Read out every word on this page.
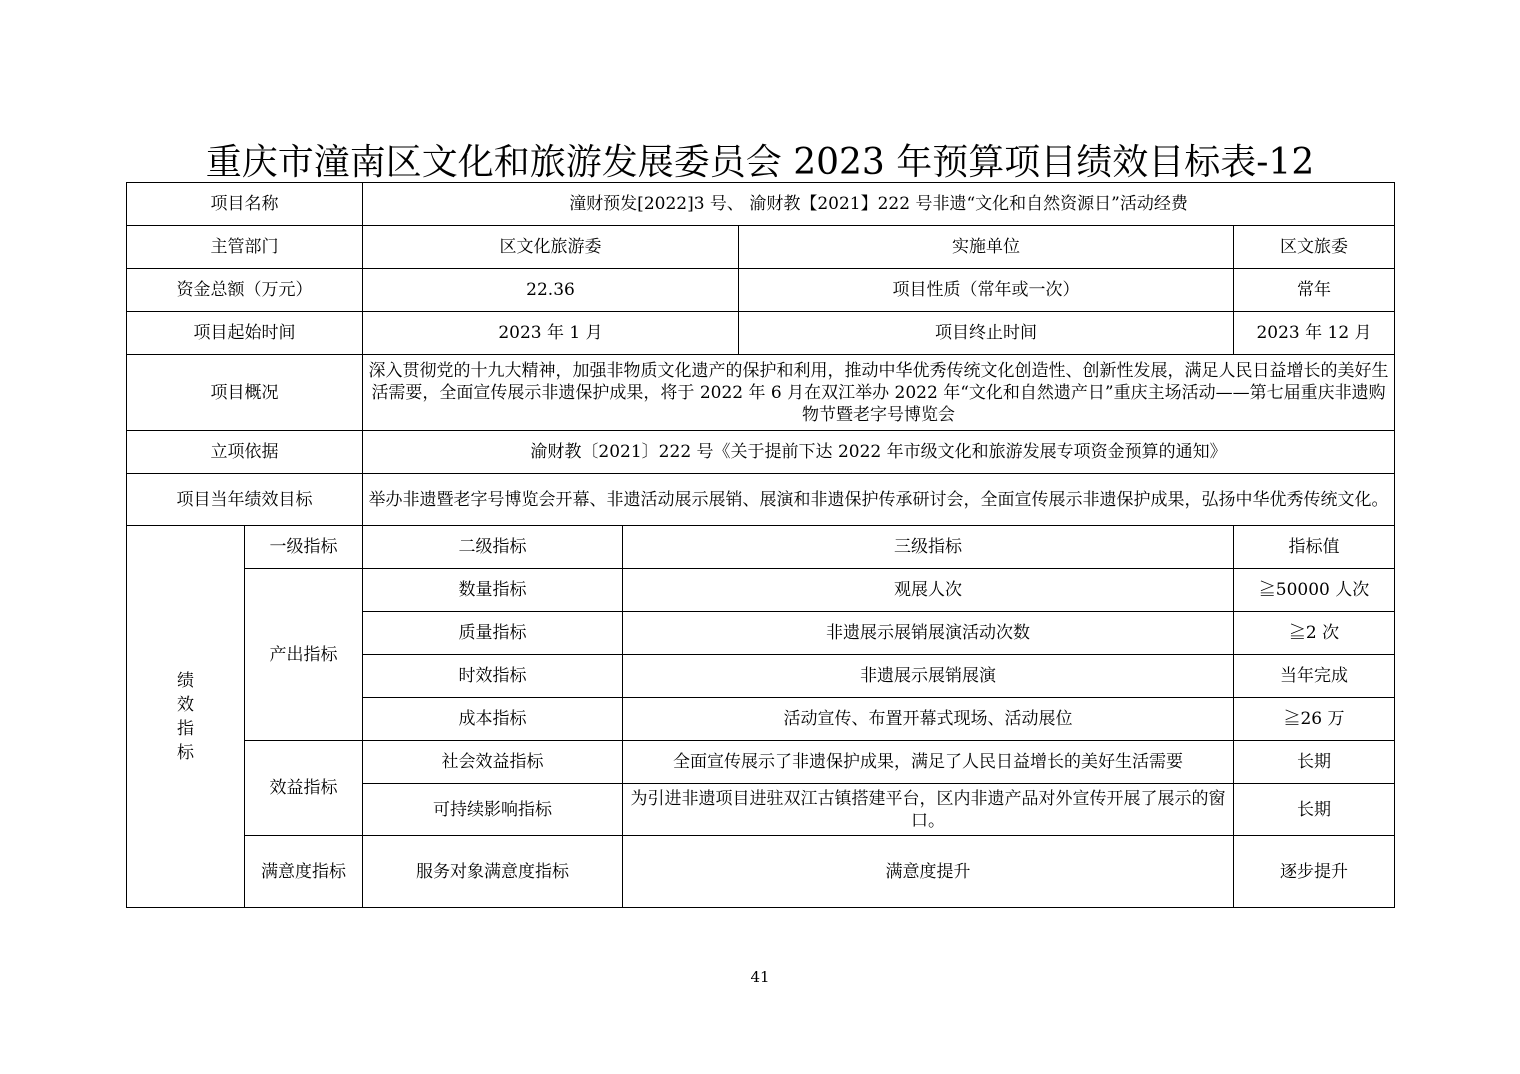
重庆市潼南区文化和旅游发展委员会 2023 年预算项目绩效目标表-12
项目名称		潼财预发[2022]3 号、 渝财教【2021】222 号非遗“文化和自然资源日”活动经费			
主管部门		区文化旅游委		实施单位	区文旅委
资金总额（万元）		22.36		项目性质（常年或一次）	常年
项目起始时间		2023 年 1 月		项目终止时间	2023 年 12 月
项目概况		深入贯彻党的十九大精神，加强非物质文化遗产的保护和利用，推动中华优秀传统文化创造性、创新性发展，满足人民日益增长的美好生活需要，全面宣传展示非遗保护成果，将于 2022 年 6 月在双江举办 2022 年“文化和自然遗产日”重庆主场活动——第七届重庆非遗购物节暨老字号博览会			
立项依据		渝财教〔2021〕222 号《关于提前下达 2022 年市级文化和旅游发展专项资金预算的通知》			
项目当年绩效目标		举办非遗暨老字号博览会开幕、非遗活动展示展销、展演和非遗保护传承研讨会，全面宣传展示非遗保护成果，弘扬中华优秀传统文化。			
绩效指标	一级指标	二级指标	三级指标		指标值
	产出指标	数量指标	观展人次		≧50000 人次
		质量指标	非遗展示展销展演活动次数		≧2 次
		时效指标	非遗展示展销展演		当年完成
		成本指标	活动宣传、布置开幕式现场、活动展位		≧26 万
	效益指标	社会效益指标	全面宣传展示了非遗保护成果，满足了人民日益增长的美好生活需要		长期
		可持续影响指标	为引进非遗项目进驻双江古镇搭建平台，区内非遗产品对外宣传开展了展示的窗口。		长期
	满意度指标	服务对象满意度指标	满意度提升		逐步提升
41
